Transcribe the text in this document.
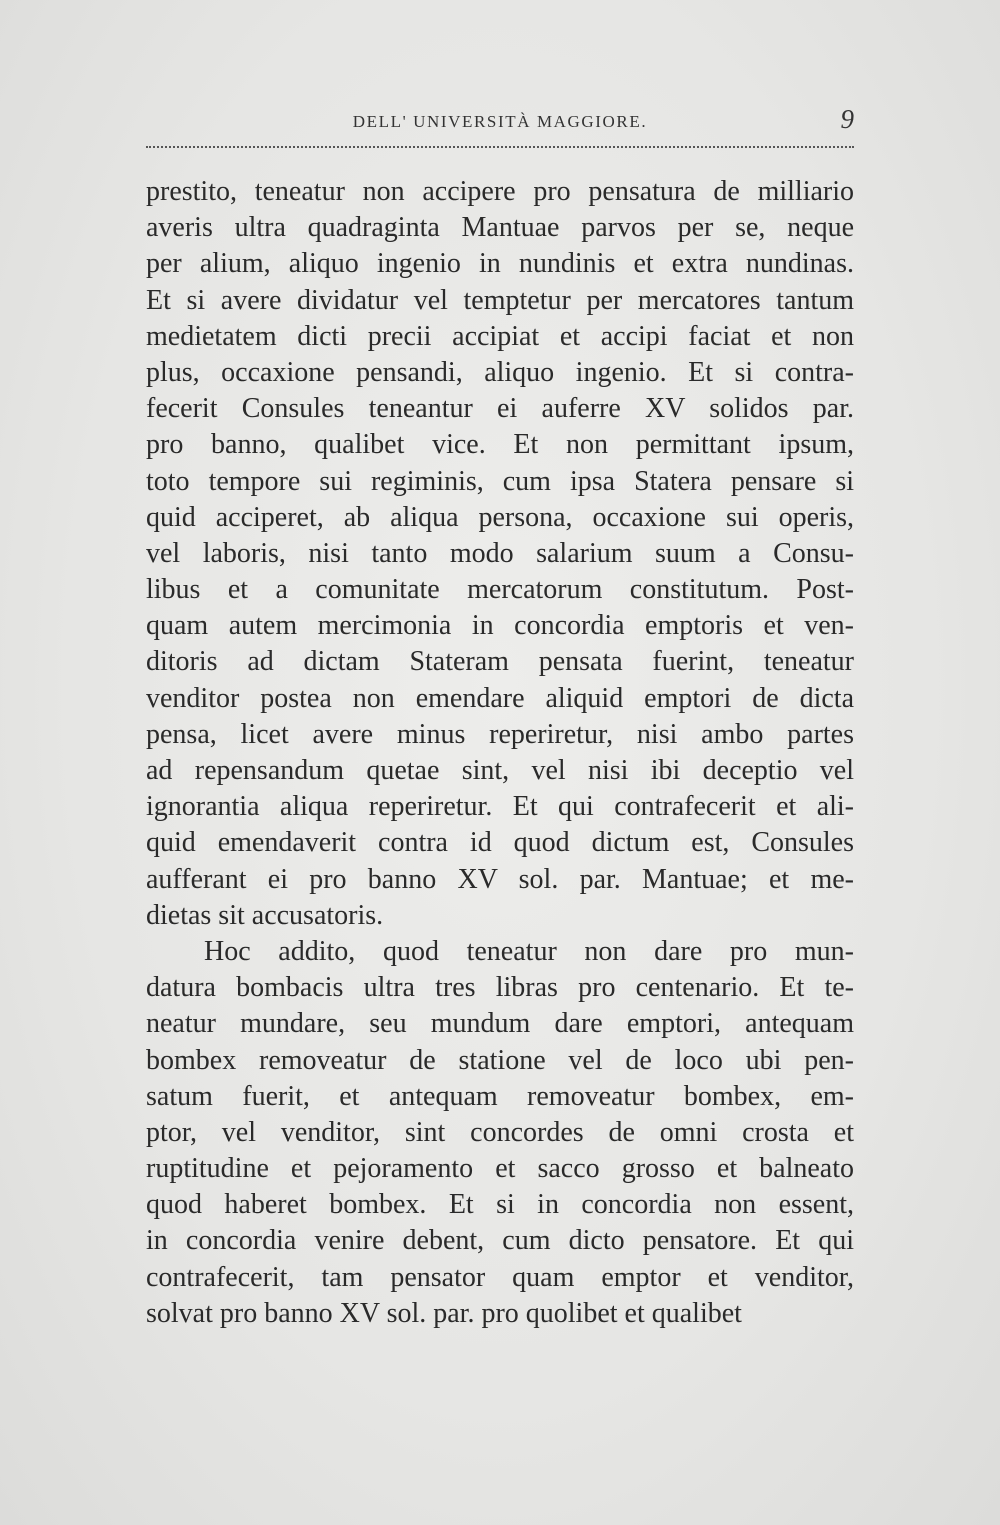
DELL' UNIVERSITÀ MAGGIORE.	9
prestito, teneatur non accipere pro pensatura de milliario
averis ultra quadraginta Mantuae parvos per se, neque
per alium, aliquo ingenio in nundinis et extra nundinas.
Et si avere dividatur vel temptetur per mercatores tantum
medietatem dicti precii accipiat et accipi faciat et non
plus, occaxione pensandi, aliquo ingenio. Et si contra-
fecerit Consules teneantur ei auferre XV solidos par.
pro banno, qualibet vice. Et non permittant ipsum,
toto tempore sui regiminis, cum ipsa Statera pensare si
quid acciperet, ab aliqua persona, occaxione sui operis,
vel laboris, nisi tanto modo salarium suum a Consu-
libus et a comunitate mercatorum constitutum. Post-
quam autem mercimonia in concordia emptoris et ven-
ditoris ad dictam Stateram pensata fuerint, teneatur
venditor postea non emendare aliquid emptori de dicta
pensa, licet avere minus reperiretur, nisi ambo partes
ad repensandum quetae sint, vel nisi ibi deceptio vel
ignorantia aliqua reperiretur. Et qui contrafecerit et ali-
quid emendaverit contra id quod dictum est, Consules
aufferant ei pro banno XV sol. par. Mantuae; et me-
dietas sit accusatoris.
Hoc addito, quod teneatur non dare pro mun-
datura bombacis ultra tres libras pro centenario. Et te-
neatur mundare, seu mundum dare emptori, antequam
bombex removeatur de statione vel de loco ubi pen-
satum fuerit, et antequam removeatur bombex, em-
ptor, vel venditor, sint concordes de omni crosta et
ruptitudine et pejoramento et sacco grosso et balneato
quod haberet bombex. Et si in concordia non essent,
in concordia venire debent, cum dicto pensatore. Et qui
contrafecerit, tam pensator quam emptor et venditor,
solvat pro banno XV sol. par. pro quolibet et qualibet
